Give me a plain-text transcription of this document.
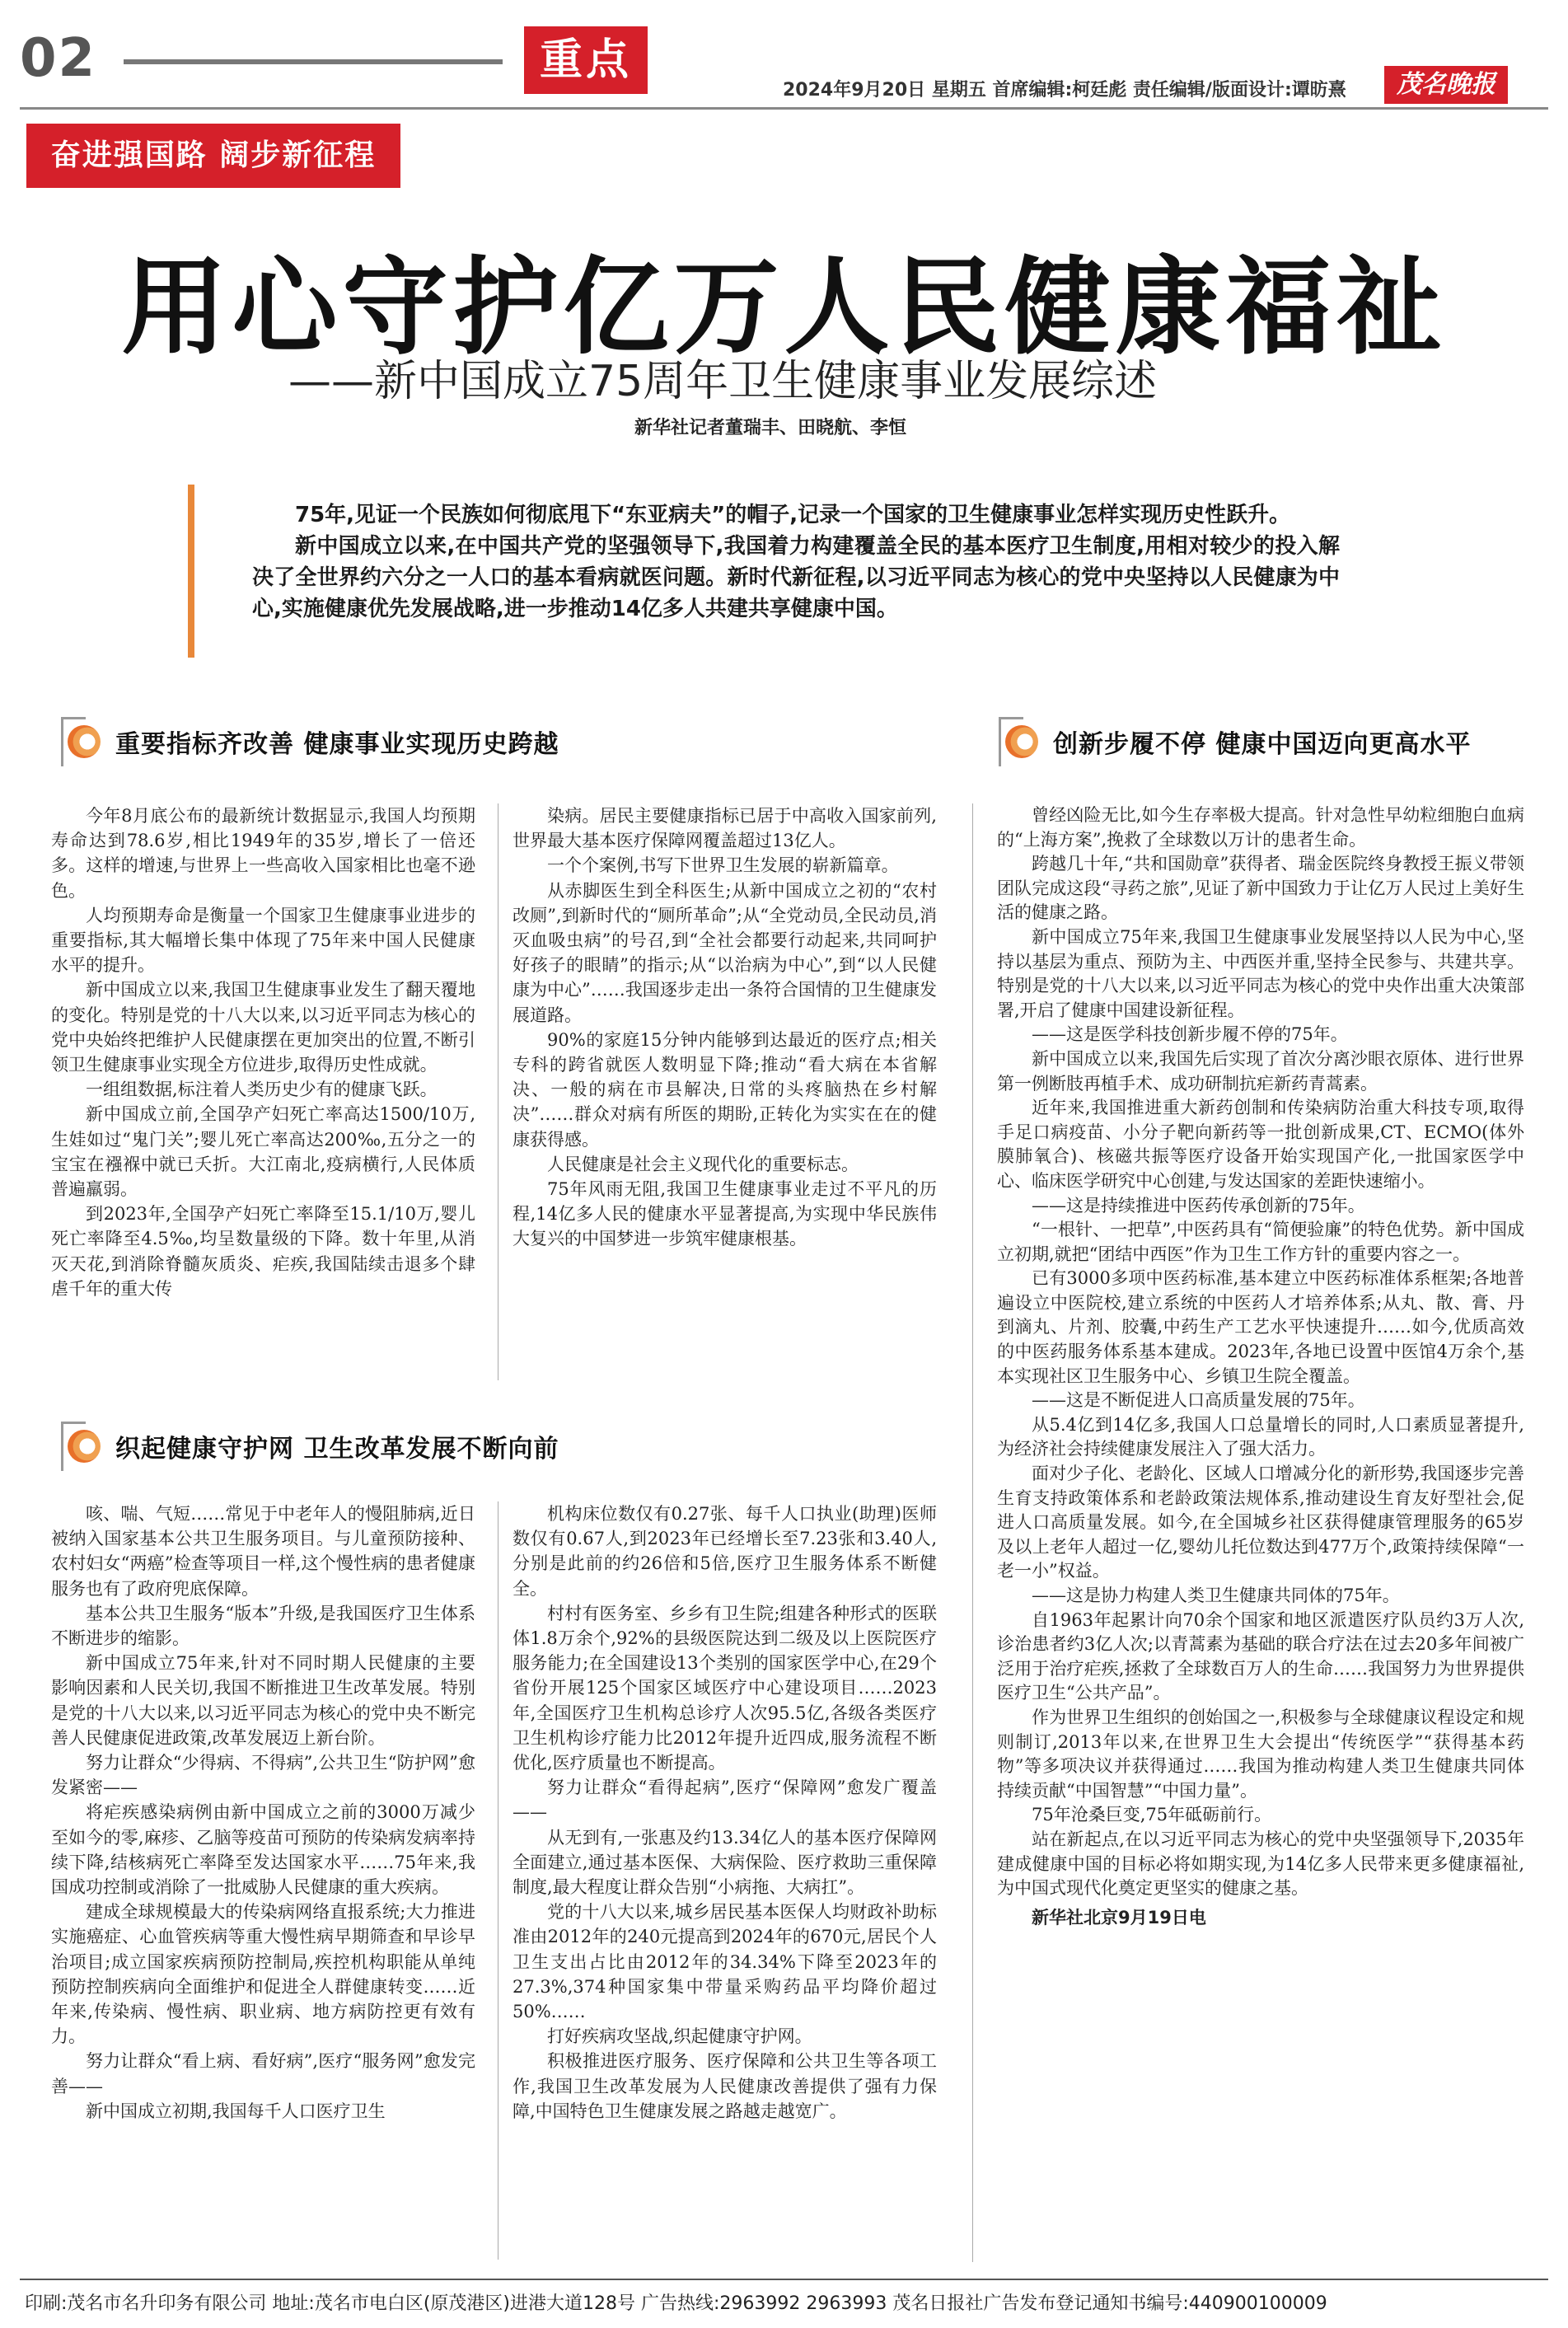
02	重点
2024年9月20日 星期五 首席编辑:柯廷彪 责任编辑/版面设计:谭昉熹	茂名晚报
奋进强国路 阔步新征程
用心守护亿万人民健康福祉
——新中国成立75周年卫生健康事业发展综述
新华社记者董瑞丰、田晓航、李恒

75年,见证一个民族如何彻底甩下“东亚病夫”的帽子,记录一个国家的卫生健康事业怎样实现历史性跃升。

新中国成立以来,在中国共产党的坚强领导下,我国着力构建覆盖全民的基本医疗卫生制度,用相对较少的投入解决了全世界约六分之一人口的基本看病就医问题。新时代新征程,以习近平同志为核心的党中央坚持以人民健康为中心,实施健康优先发展战略,进一步推动14亿多人共建共享健康中国。

重要指标齐改善 健康事业实现历史跨越	创新步履不停 健康中国迈向更高水平

今年8月底公布的最新统计数据显示,我国人均预期寿命达到78.6岁,相比1949年的35岁,增长了一倍还多。这样的增速,与世界上一些高收入国家相比也毫不逊色。

人均预期寿命是衡量一个国家卫生健康事业进步的重要指标,其大幅增长集中体现了75年来中国人民健康水平的提升。

新中国成立以来,我国卫生健康事业发生了翻天覆地的变化。特别是党的十八大以来,以习近平同志为核心的党中央始终把维护人民健康摆在更加突出的位置,不断引领卫生健康事业实现全方位进步,取得历史性成就。

一组组数据,标注着人类历史少有的健康飞跃。

新中国成立前,全国孕产妇死亡率高达1500/10万,生娃如过“鬼门关”;婴儿死亡率高达200‰,五分之一的宝宝在襁褓中就已夭折。大江南北,疫病横行,人民体质普遍羸弱。

到2023年,全国孕产妇死亡率降至15.1/10万,婴儿死亡率降至4.5‰,均呈数量级的下降。数十年里,从消灭天花,到消除脊髓灰质炎、疟疾,我国陆续击退多个肆虐千年的重大传

染病。居民主要健康指标已居于中高收入国家前列,世界最大基本医疗保障网覆盖超过13亿人。

一个个案例,书写下世界卫生发展的崭新篇章。

从赤脚医生到全科医生;从新中国成立之初的“农村改厕”,到新时代的“厕所革命”;从“全党动员,全民动员,消灭血吸虫病”的号召,到“全社会都要行动起来,共同呵护好孩子的眼睛”的指示;从“以治病为中心”,到“以人民健康为中心”……我国逐步走出一条符合国情的卫生健康发展道路。

90%的家庭15分钟内能够到达最近的医疗点;相关专科的跨省就医人数明显下降;推动“看大病在本省解决、一般的病在市县解决,日常的头疼脑热在乡村解决”……群众对病有所医的期盼,正转化为实实在在的健康获得感。

人民健康是社会主义现代化的重要标志。

75年风雨无阻,我国卫生健康事业走过不平凡的历程,14亿多人民的健康水平显著提高,为实现中华民族伟大复兴的中国梦进一步筑牢健康根基。

织起健康守护网 卫生改革发展不断向前

咳、喘、气短……常见于中老年人的慢阻肺病,近日被纳入国家基本公共卫生服务项目。与儿童预防接种、农村妇女“两癌”检查等项目一样,这个慢性病的患者健康服务也有了政府兜底保障。

基本公共卫生服务“版本”升级,是我国医疗卫生体系不断进步的缩影。

新中国成立75年来,针对不同时期人民健康的主要影响因素和人民关切,我国不断推进卫生改革发展。特别是党的十八大以来,以习近平同志为核心的党中央不断完善人民健康促进政策,改革发展迈上新台阶。

努力让群众“少得病、不得病”,公共卫生“防护网”愈发紧密——

将疟疾感染病例由新中国成立之前的3000万减少至如今的零,麻疹、乙脑等疫苗可预防的传染病发病率持续下降,结核病死亡率降至发达国家水平……75年来,我国成功控制或消除了一批威胁人民健康的重大疾病。

建成全球规模最大的传染病网络直报系统;大力推进实施癌症、心血管疾病等重大慢性病早期筛查和早诊早治项目;成立国家疾病预防控制局,疾控机构职能从单纯预防控制疾病向全面维护和促进全人群健康转变……近年来,传染病、慢性病、职业病、地方病防控更有效有力。

努力让群众“看上病、看好病”,医疗“服务网”愈发完善——

新中国成立初期,我国每千人口医疗卫生

机构床位数仅有0.27张、每千人口执业(助理)医师数仅有0.67人,到2023年已经增长至7.23张和3.40人,分别是此前的约26倍和5倍,医疗卫生服务体系不断健全。

村村有医务室、乡乡有卫生院;组建各种形式的医联体1.8万余个,92%的县级医院达到二级及以上医院医疗服务能力;在全国建设13个类别的国家医学中心,在29个省份开展125个国家区域医疗中心建设项目……2023年,全国医疗卫生机构总诊疗人次95.5亿,各级各类医疗卫生机构诊疗能力比2012年提升近四成,服务流程不断优化,医疗质量也不断提高。

努力让群众“看得起病”,医疗“保障网”愈发广覆盖——

从无到有,一张惠及约13.34亿人的基本医疗保障网全面建立,通过基本医保、大病保险、医疗救助三重保障制度,最大程度让群众告别“小病拖、大病扛”。

党的十八大以来,城乡居民基本医保人均财政补助标准由2012年的240元提高到2024年的670元,居民个人卫生支出占比由2012年的34.34%下降至2023年的27.3%,374种国家集中带量采购药品平均降价超过50%……

打好疾病攻坚战,织起健康守护网。

积极推进医疗服务、医疗保障和公共卫生等各项工作,我国卫生改革发展为人民健康改善提供了强有力保障,中国特色卫生健康发展之路越走越宽广。

曾经凶险无比,如今生存率极大提高。针对急性早幼粒细胞白血病的“上海方案”,挽救了全球数以万计的患者生命。

跨越几十年,“共和国勋章”获得者、瑞金医院终身教授王振义带领团队完成这段“寻药之旅”,见证了新中国致力于让亿万人民过上美好生活的健康之路。

新中国成立75年来,我国卫生健康事业发展坚持以人民为中心,坚持以基层为重点、预防为主、中西医并重,坚持全民参与、共建共享。特别是党的十八大以来,以习近平同志为核心的党中央作出重大决策部署,开启了健康中国建设新征程。

——这是医学科技创新步履不停的75年。

新中国成立以来,我国先后实现了首次分离沙眼衣原体、进行世界第一例断肢再植手术、成功研制抗疟新药青蒿素。

近年来,我国推进重大新药创制和传染病防治重大科技专项,取得手足口病疫苗、小分子靶向新药等一批创新成果,CT、ECMO(体外膜肺氧合)、核磁共振等医疗设备开始实现国产化,一批国家医学中心、临床医学研究中心创建,与发达国家的差距快速缩小。

——这是持续推进中医药传承创新的75年。

“一根针、一把草”,中医药具有“简便验廉”的特色优势。新中国成立初期,就把“团结中西医”作为卫生工作方针的重要内容之一。

已有3000多项中医药标准,基本建立中医药标准体系框架;各地普遍设立中医院校,建立系统的中医药人才培养体系;从丸、散、膏、丹到滴丸、片剂、胶囊,中药生产工艺水平快速提升……如今,优质高效的中医药服务体系基本建成。2023年,各地已设置中医馆4万余个,基本实现社区卫生服务中心、乡镇卫生院全覆盖。

——这是不断促进人口高质量发展的75年。

从5.4亿到14亿多,我国人口总量增长的同时,人口素质显著提升,为经济社会持续健康发展注入了强大活力。

面对少子化、老龄化、区域人口增减分化的新形势,我国逐步完善生育支持政策体系和老龄政策法规体系,推动建设生育友好型社会,促进人口高质量发展。如今,在全国城乡社区获得健康管理服务的65岁及以上老年人超过一亿,婴幼儿托位数达到477万个,政策持续保障“一老一小”权益。

——这是协力构建人类卫生健康共同体的75年。

自1963年起累计向70余个国家和地区派遣医疗队员约3万人次,诊治患者约3亿人次;以青蒿素为基础的联合疗法在过去20多年间被广泛用于治疗疟疾,拯救了全球数百万人的生命……我国努力为世界提供医疗卫生“公共产品”。

作为世界卫生组织的创始国之一,积极参与全球健康议程设定和规则制订,2013年以来,在世界卫生大会提出“传统医学”“获得基本药物”等多项决议并获得通过……我国为推动构建人类卫生健康共同体持续贡献“中国智慧”“中国力量”。

75年沧桑巨变,75年砥砺前行。

站在新起点,在以习近平同志为核心的党中央坚强领导下,2035年建成健康中国的目标必将如期实现,为14亿多人民带来更多健康福祉,为中国式现代化奠定更坚实的健康之基。

新华社北京9月19日电

印刷:茂名市名升印务有限公司 地址:茂名市电白区(原茂港区)进港大道128号 广告热线:2963992 2963993 茂名日报社广告发布登记通知书编号:440900100009
